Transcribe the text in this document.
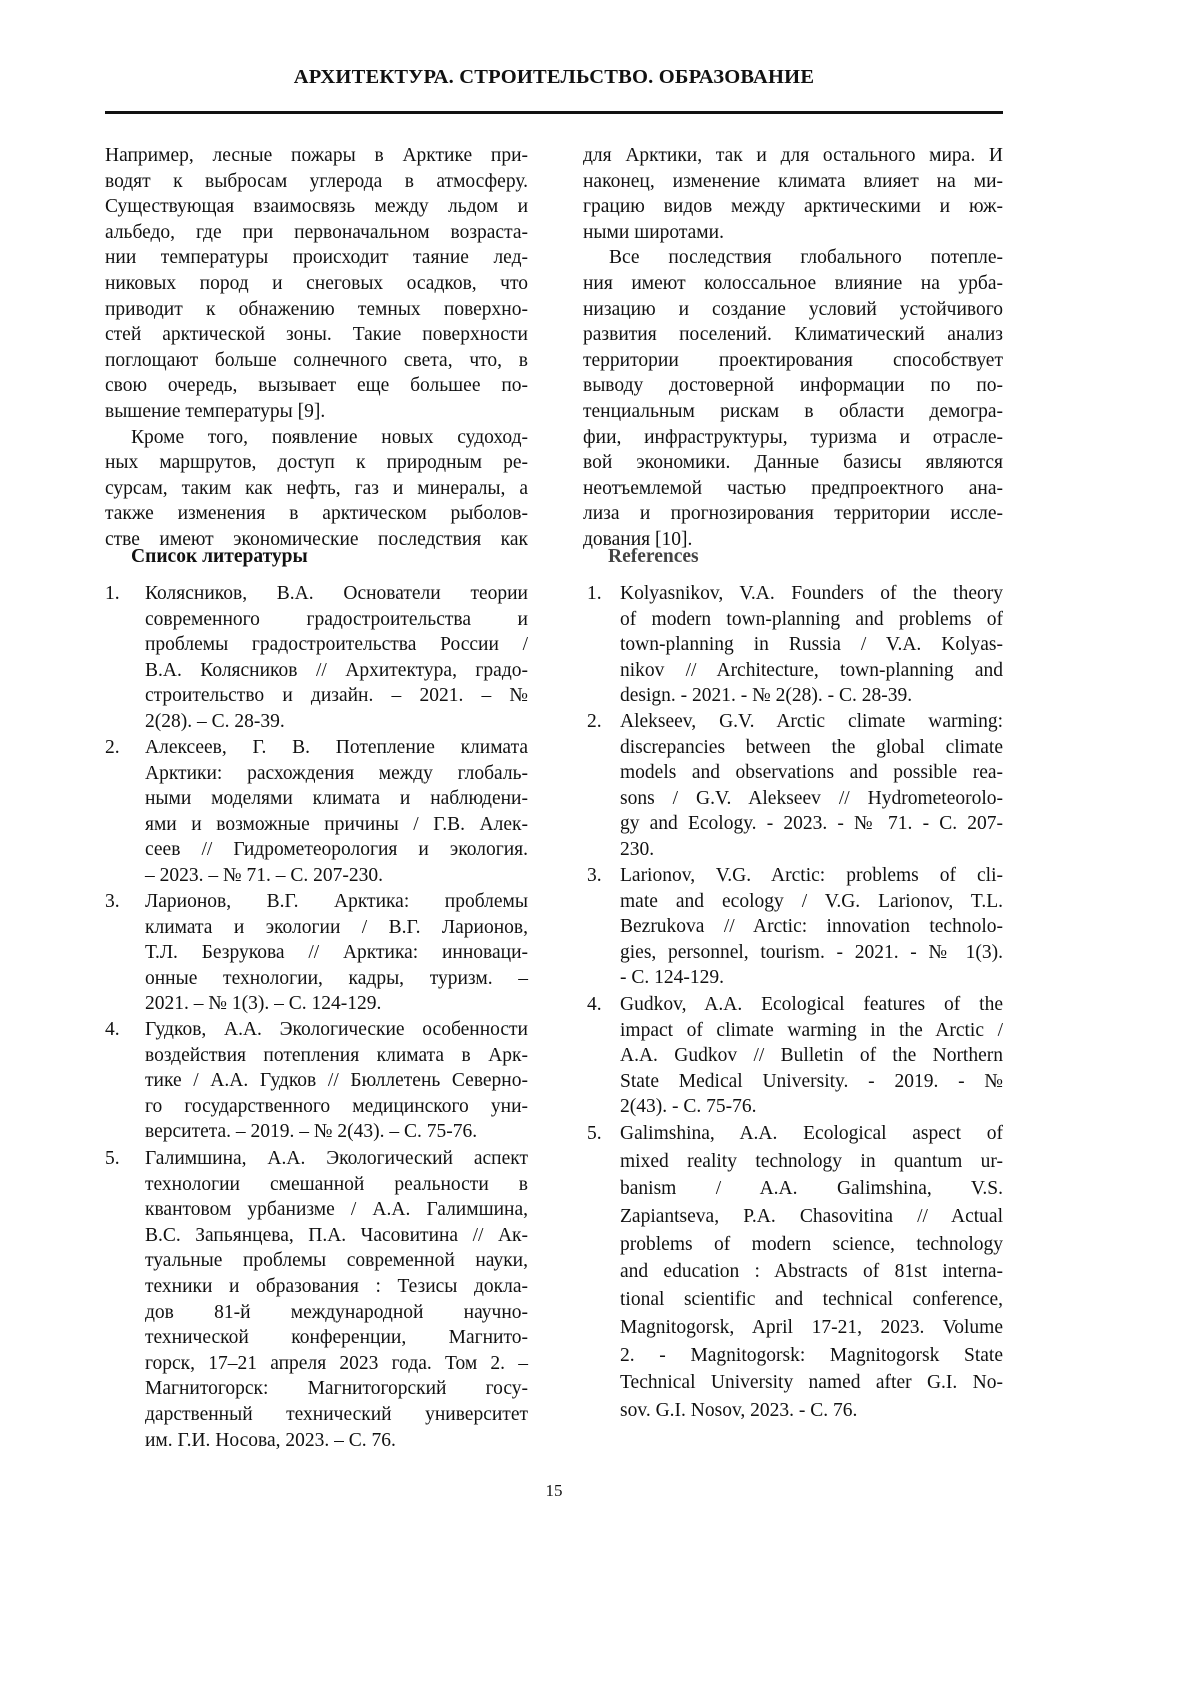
АРХИТЕКТУРА. СТРОИТЕЛЬСТВО. ОБРАЗОВАНИЕ
Например, лесные пожары в Арктике при-
водят к выбросам углерода в атмосферу.
Существующая взаимосвязь между льдом и
альбедо, где при первоначальном возраста-
нии температуры происходит таяние лед-
никовых пород и снеговых осадков, что
приводит к обнажению темных поверхно-
стей арктической зоны. Такие поверхности
поглощают больше солнечного света, что, в
свою очередь, вызывает еще большее по-
вышение температуры [9].
Кроме того, появление новых судоход-
ных маршрутов, доступ к природным ре-
сурсам, таким как нефть, газ и минералы, а
также изменения в арктическом рыболов-
стве имеют экономические последствия как
Список литературы
для Арктики, так и для остального мира. И
наконец, изменение климата влияет на ми-
грацию видов между арктическими и юж-
ными широтами.
Все последствия глобального потепле-
ния имеют колоссальное влияние на урба-
низацию и создание условий устойчивого
развития поселений. Климатический анализ
территории проектирования способствует
выводу достоверной информации по по-
тенциальным рискам в области демогра-
фии, инфраструктуры, туризма и отрасле-
вой экономики. Данные базисы являются
неотъемлемой частью предпроектного ана-
лиза и прогнозирования территории иссле-
дования [10].
References
1. Колясников, В.А. Основатели теории
современного градостроительства и
проблемы градостроительства России /
В.А. Колясников // Архитектура, градо-
строительство и дизайн. – 2021. – №
2(28). – С. 28-39.
2. Алексеев, Г. В. Потепление климата
Арктики: расхождения между глобаль-
ными моделями климата и наблюдени-
ями и возможные причины / Г.В. Алек-
сеев // Гидрометеорология и экология.
– 2023. – № 71. – С. 207-230.
3. Ларионов, В.Г. Арктика: проблемы
климата и экологии / В.Г. Ларионов,
Т.Л. Безрукова // Арктика: инноваци-
онные технологии, кадры, туризм. –
2021. – № 1(3). – С. 124-129.
4. Гудков, А.А. Экологические особенности
воздействия потепления климата в Арк-
тике / А.А. Гудков // Бюллетень Северно-
го государственного медицинского уни-
верситета. – 2019. – № 2(43). – С. 75-76.
5. Галимшина, А.А. Экологический аспект
технологии смешанной реальности в
квантовом урбанизме / А.А. Галимшина,
В.С. Запьянцева, П.А. Часовитина // Ак-
туальные проблемы современной науки,
техники и образования : Тезисы докла-
дов 81-й международной научно-
технической конференции, Магнито-
горск, 17–21 апреля 2023 года. Том 2. –
Магнитогорск: Магнитогорский госу-
дарственный технический университет
им. Г.И. Носова, 2023. – С. 76.
1. Kolyasnikov, V.A. Founders of the theory
of modern town-planning and problems of
town-planning in Russia / V.A. Kolyas-
nikov // Architecture, town-planning and
design. - 2021. - № 2(28). - С. 28-39.
2. Alekseev, G.V. Arctic climate warming:
discrepancies between the global climate
models and observations and possible rea-
sons / G.V. Alekseev // Hydrometeorolo-
gy and Ecology. - 2023. - № 71. - С. 207-
230.
3. Larionov, V.G. Arctic: problems of cli-
mate and ecology / V.G. Larionov, T.L.
Bezrukova // Arctic: innovation technolo-
gies, personnel, tourism. - 2021. - № 1(3).
- С. 124-129.
4. Gudkov, A.A. Ecological features of the
impact of climate warming in the Arctic /
A.A. Gudkov // Bulletin of the Northern
State Medical University. - 2019. - №
2(43). - С. 75-76.
5. Galimshina, A.A. Ecological aspect of
mixed reality technology in quantum ur-
banism / A.A. Galimshina, V.S.
Zapiantseva, P.A. Chasovitina // Actual
problems of modern science, technology
and education : Abstracts of 81st interna-
tional scientific and technical conference,
Magnitogorsk, April 17-21, 2023. Volume
2. - Magnitogorsk: Magnitogorsk State
Technical University named after G.I. No-
sov. G.I. Nosov, 2023. - С. 76.
15
